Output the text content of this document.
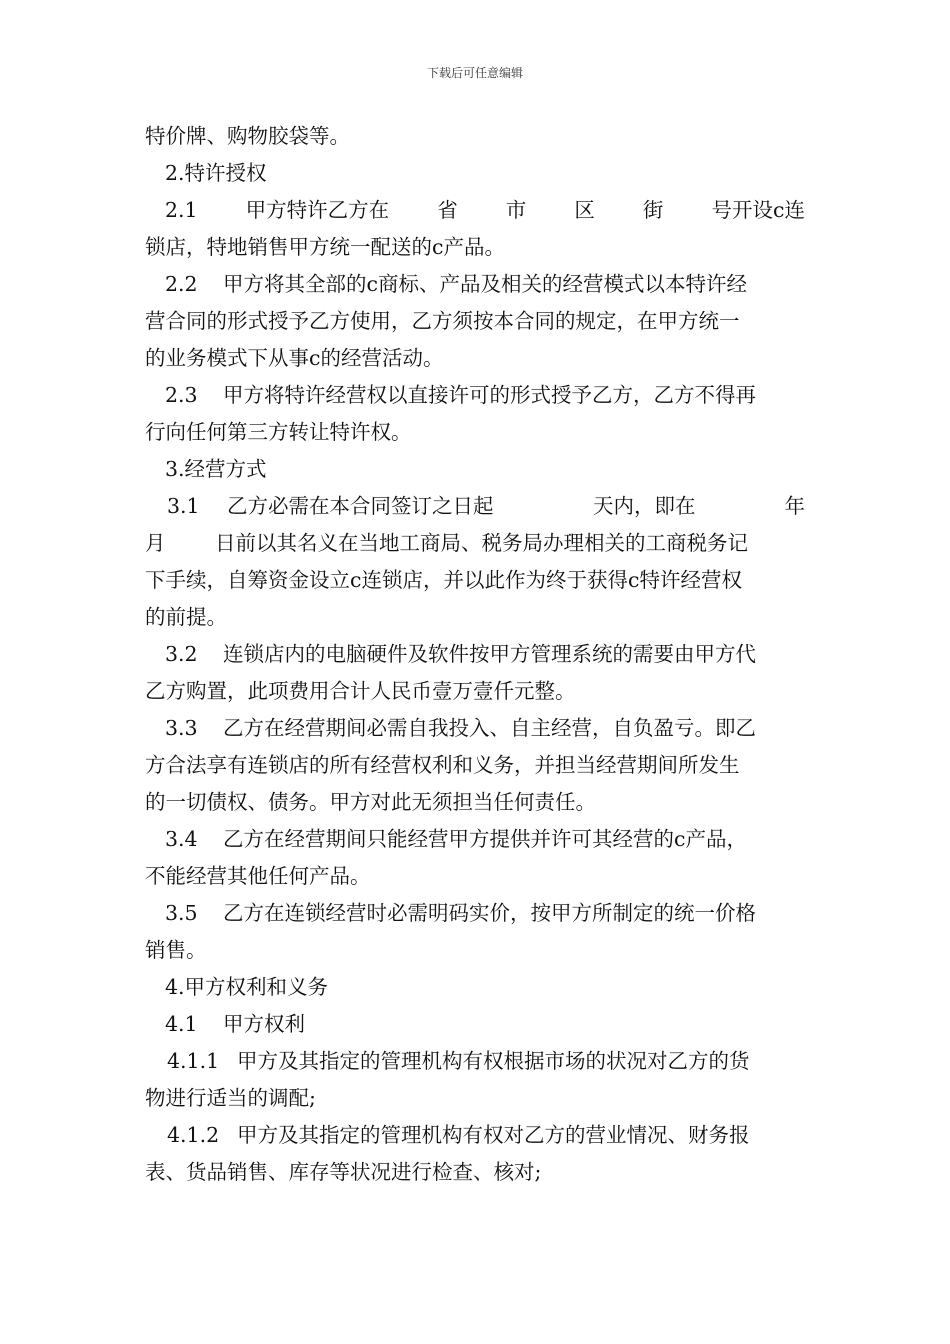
下载后可任意编辑
特价牌、购物胶袋等。
2.特许授权
2.1 甲方特许乙方在 省 市 区 街 号开设c连
锁店，特地销售甲方统一配送的c产品。
2.2 甲方将其全部的c商标、产品及相关的经营模式以本特许经
营合同的形式授予乙方使用，乙方须按本合同的规定，在甲方统一
的业务模式下从事c的经营活动。
2.3 甲方将特许经营权以直接许可的形式授予乙方，乙方不得再
行向任何第三方转让特许权。
3.经营方式
3.1 乙方必需在本合同签订之日起	天内，即在	年
月 日前以其名义在当地工商局、税务局办理相关的工商税务记
下手续，自筹资金设立c连锁店，并以此作为终于获得c特许经营权
的前提。
3.2 连锁店内的电脑硬件及软件按甲方管理系统的需要由甲方代
乙方购置，此项费用合计人民币壹万壹仟元整。
3.3 乙方在经营期间必需自我投入、自主经营，自负盈亏。即乙
方合法享有连锁店的所有经营权利和义务，并担当经营期间所发生
的一切债权、债务。甲方对此无须担当任何责任。
3.4 乙方在经营期间只能经营甲方提供并许可其经营的c产品，
不能经营其他任何产品。
3.5 乙方在连锁经营时必需明码实价，按甲方所制定的统一价格
销售。
4.甲方权利和义务
4.1 甲方权利
4.1.1 甲方及其指定的管理机构有权根据市场的状况对乙方的货
物进行适当的调配;
4.1.2 甲方及其指定的管理机构有权对乙方的营业情况、财务报
表、货品销售、库存等状况进行检查、核对;
